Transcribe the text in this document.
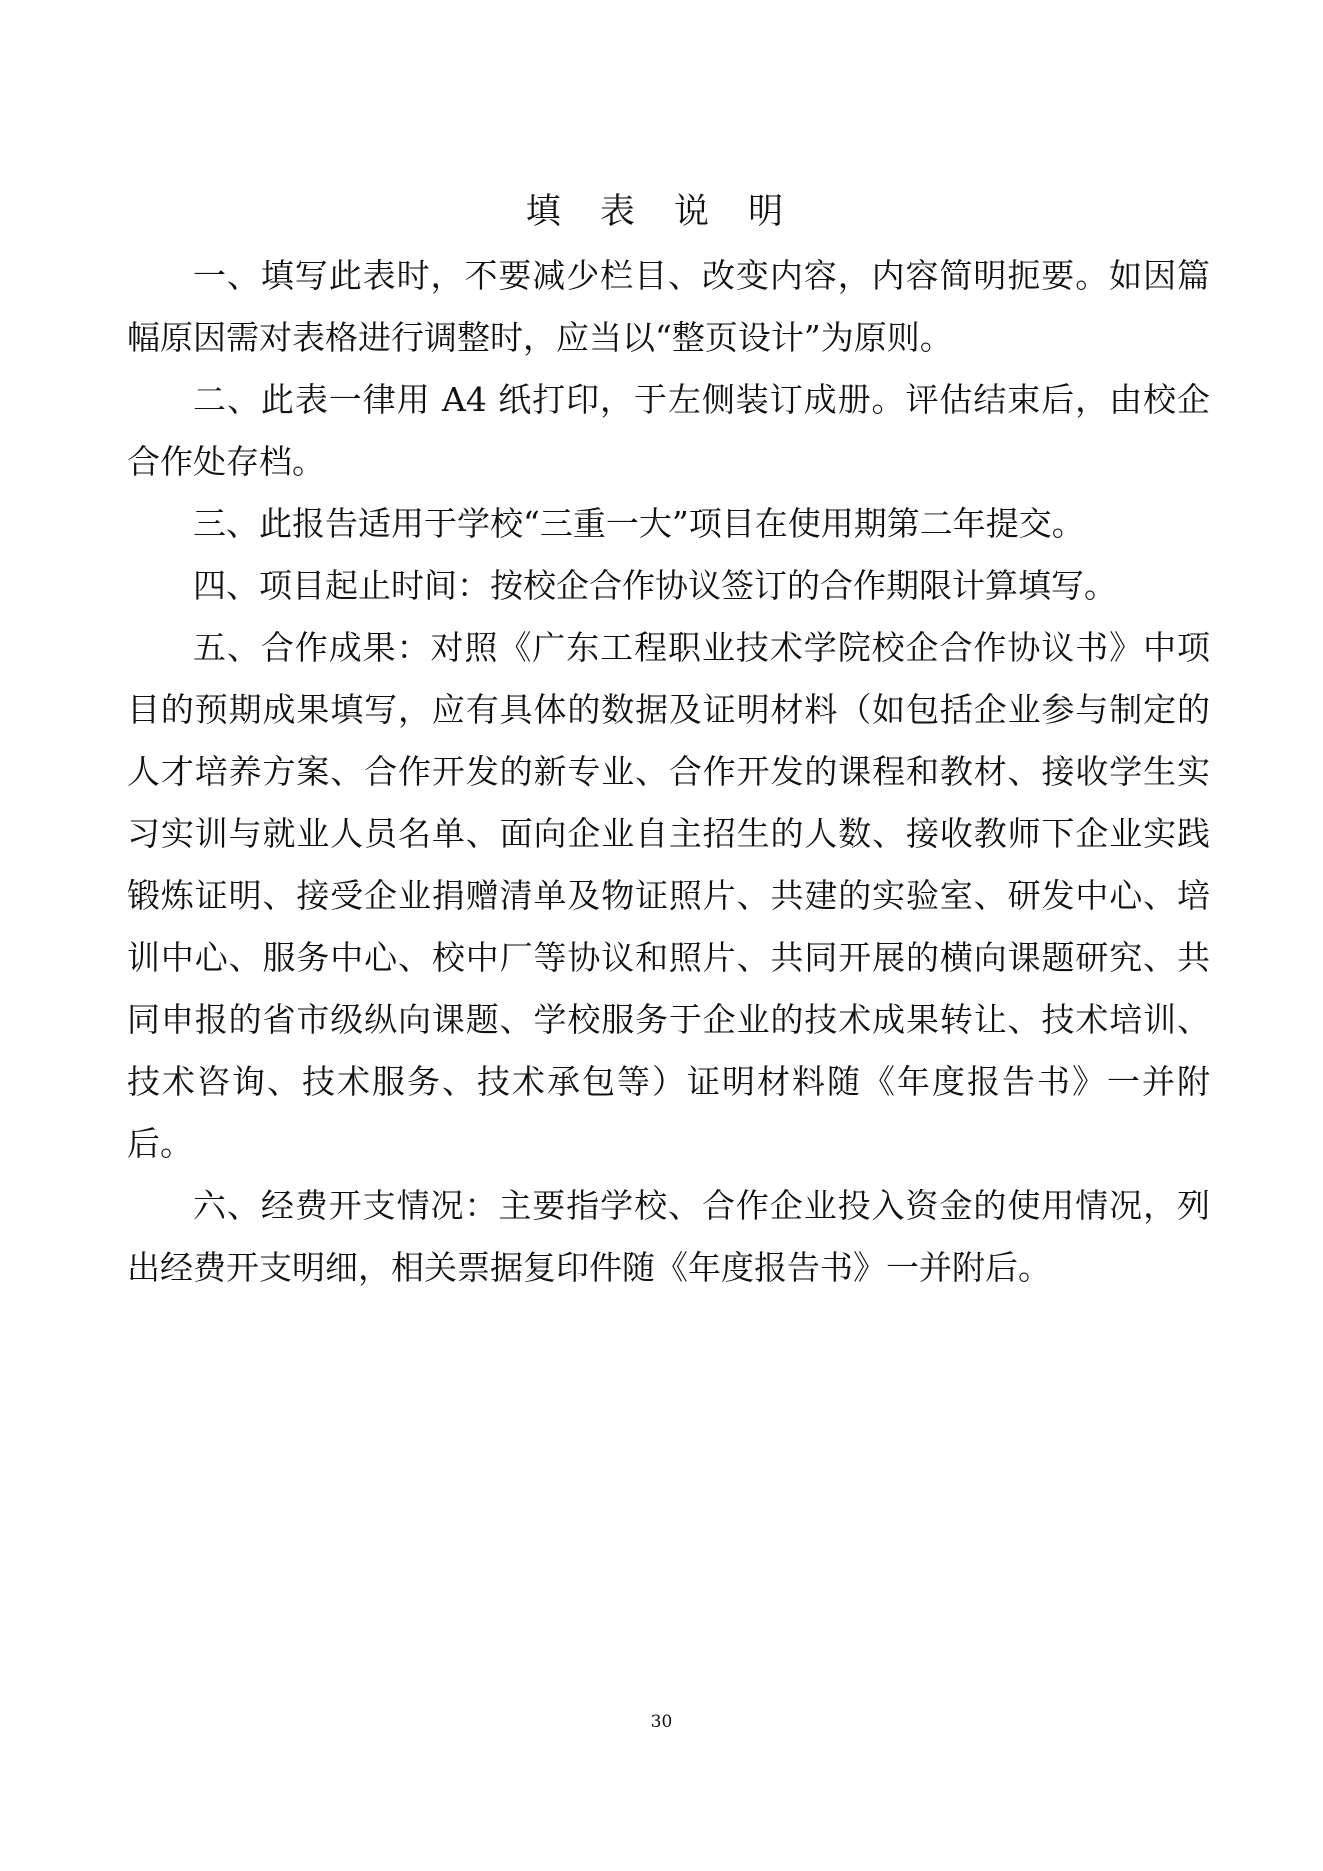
填 表 说 明

一、填写此表时，不要减少栏目、改变内容，内容简明扼要。如因篇幅原因需对表格进行调整时，应当以“整页设计”为原则。

二、此表一律用 A4 纸打印，于左侧装订成册。评估结束后，由校企合作处存档。

三、此报告适用于学校“三重一大”项目在使用期第二年提交。

四、项目起止时间：按校企合作协议签订的合作期限计算填写。

五、合作成果：对照《广东工程职业技术学院校企合作协议书》中项目的预期成果填写，应有具体的数据及证明材料（如包括企业参与制定的人才培养方案、合作开发的新专业、合作开发的课程和教材、接收学生实习实训与就业人员名单、面向企业自主招生的人数、接收教师下企业实践锻炼证明、接受企业捐赠清单及物证照片、共建的实验室、研发中心、培训中心、服务中心、校中厂等协议和照片、共同开展的横向课题研究、共同申报的省市级纵向课题、学校服务于企业的技术成果转让、技术培训、技术咨询、技术服务、技术承包等）证明材料随《年度报告书》一并附后。

六、经费开支情况：主要指学校、合作企业投入资金的使用情况，列出经费开支明细，相关票据复印件随《年度报告书》一并附后。

30
